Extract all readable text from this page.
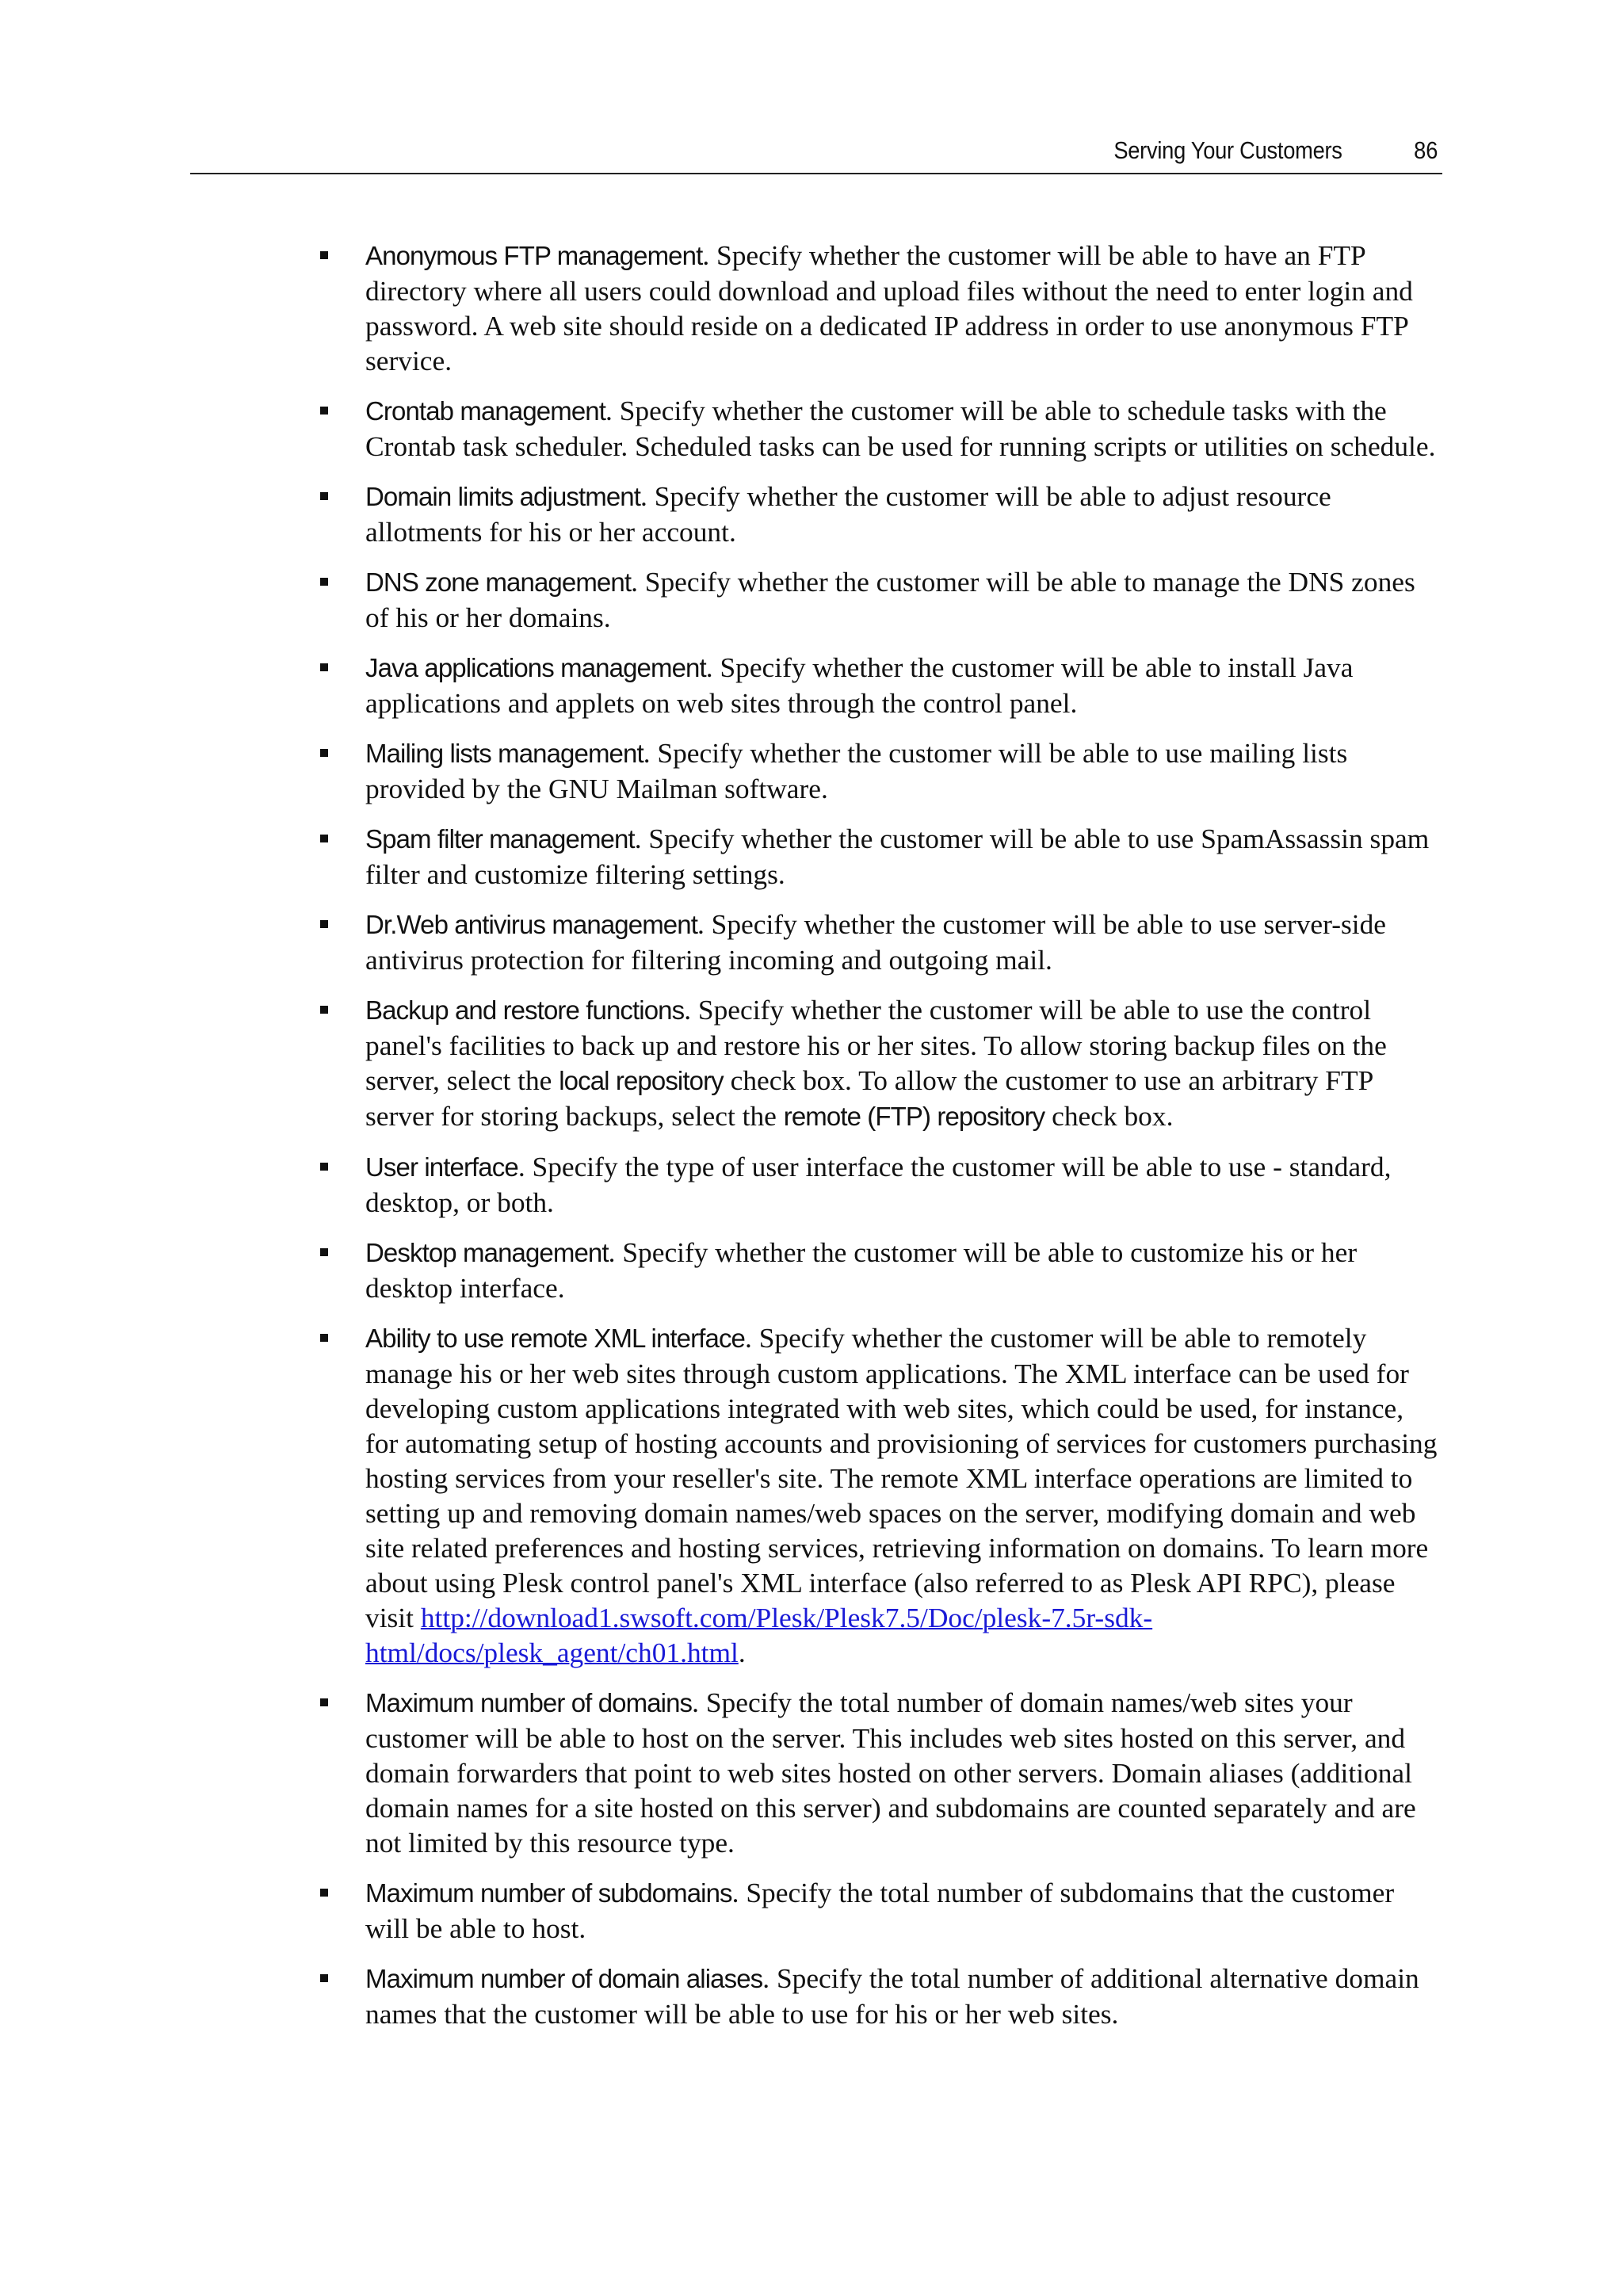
Serving Your Customers	86
Anonymous FTP management. Specify whether the customer will be able to have an FTP directory where all users could download and upload files without the need to enter login and password. A web site should reside on a dedicated IP address in order to use anonymous FTP service.
Crontab management. Specify whether the customer will be able to schedule tasks with the Crontab task scheduler. Scheduled tasks can be used for running scripts or utilities on schedule.
Domain limits adjustment. Specify whether the customer will be able to adjust resource allotments for his or her account.
DNS zone management. Specify whether the customer will be able to manage the DNS zones of his or her domains.
Java applications management. Specify whether the customer will be able to install Java applications and applets on web sites through the control panel.
Mailing lists management. Specify whether the customer will be able to use mailing lists provided by the GNU Mailman software.
Spam filter management. Specify whether the customer will be able to use SpamAssassin spam filter and customize filtering settings.
Dr.Web antivirus management. Specify whether the customer will be able to use server-side antivirus protection for filtering incoming and outgoing mail.
Backup and restore functions. Specify whether the customer will be able to use the control panel's facilities to back up and restore his or her sites. To allow storing backup files on the server, select the local repository check box. To allow the customer to use an arbitrary FTP server for storing backups, select the remote (FTP) repository check box.
User interface. Specify the type of user interface the customer will be able to use - standard, desktop, or both.
Desktop management. Specify whether the customer will be able to customize his or her desktop interface.
Ability to use remote XML interface. Specify whether the customer will be able to remotely manage his or her web sites through custom applications. The XML interface can be used for developing custom applications integrated with web sites, which could be used, for instance, for automating setup of hosting accounts and provisioning of services for customers purchasing hosting services from your reseller's site. The remote XML interface operations are limited to setting up and removing domain names/web spaces on the server, modifying domain and web site related preferences and hosting services, retrieving information on domains. To learn more about using Plesk control panel's XML interface (also referred to as Plesk API RPC), please visit http://download1.swsoft.com/Plesk/Plesk7.5/Doc/plesk-7.5r-sdk-html/docs/plesk_agent/ch01.html.
Maximum number of domains. Specify the total number of domain names/web sites your customer will be able to host on the server. This includes web sites hosted on this server, and domain forwarders that point to web sites hosted on other servers. Domain aliases (additional domain names for a site hosted on this server) and subdomains are counted separately and are not limited by this resource type.
Maximum number of subdomains. Specify the total number of subdomains that the customer will be able to host.
Maximum number of domain aliases. Specify the total number of additional alternative domain names that the customer will be able to use for his or her web sites.
